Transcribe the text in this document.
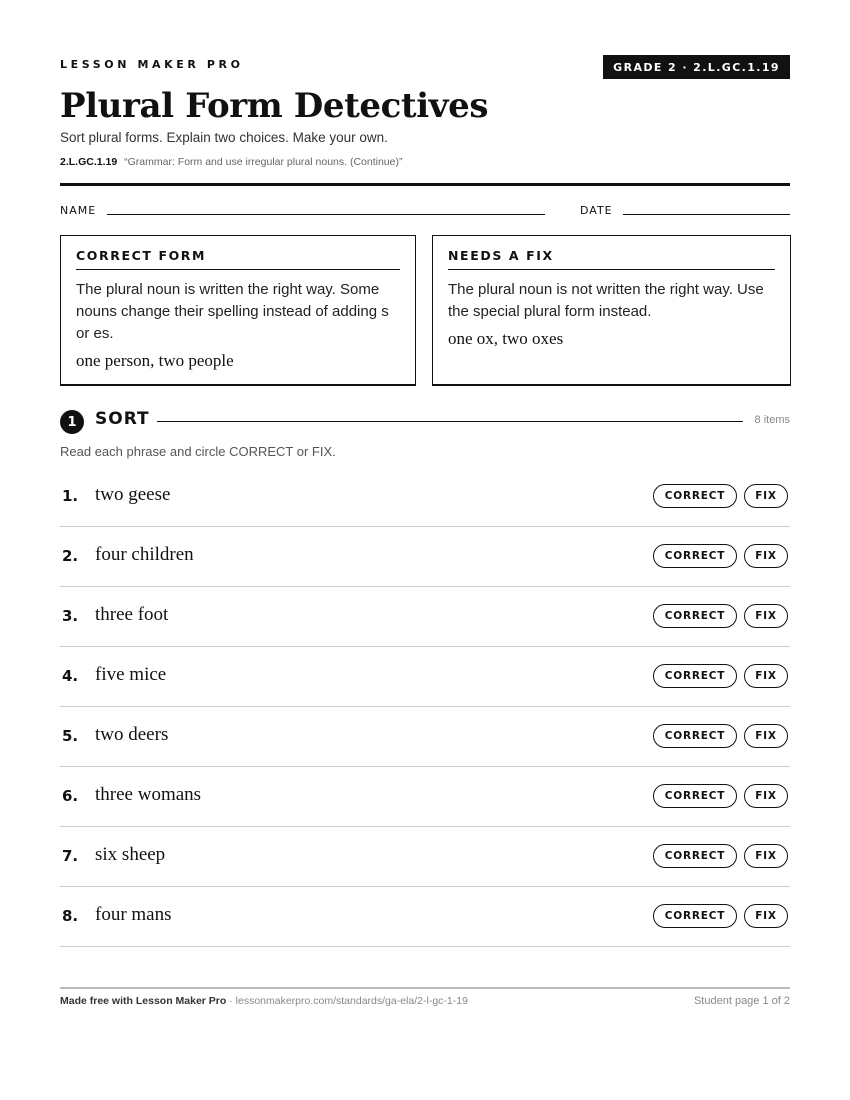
LESSON MAKER PRO	GRADE 2 · 2.L.GC.1.19
Plural Form Detectives
Sort plural forms. Explain two choices. Make your own.
2.L.GC.1.19 “Grammar: Form and use irregular plural nouns. (Continue)”
NAME	DATE
CORRECT FORM
The plural noun is written the right way. Some nouns change their spelling instead of adding s or es.
one person, two people
NEEDS A FIX
The plural noun is not written the right way. Use the special plural form instead.
one ox, two oxes
1	SORT	8 items
Read each phrase and circle CORRECT or FIX.
1. two geese	CORRECT	FIX
2. four children	CORRECT	FIX
3. three foot	CORRECT	FIX
4. five mice	CORRECT	FIX
5. two deers	CORRECT	FIX
6. three womans	CORRECT	FIX
7. six sheep	CORRECT	FIX
8. four mans	CORRECT	FIX
Made free with Lesson Maker Pro · lessonmakerpro.com/standards/ga-ela/2-l-gc-1-19	Student page 1 of 2
